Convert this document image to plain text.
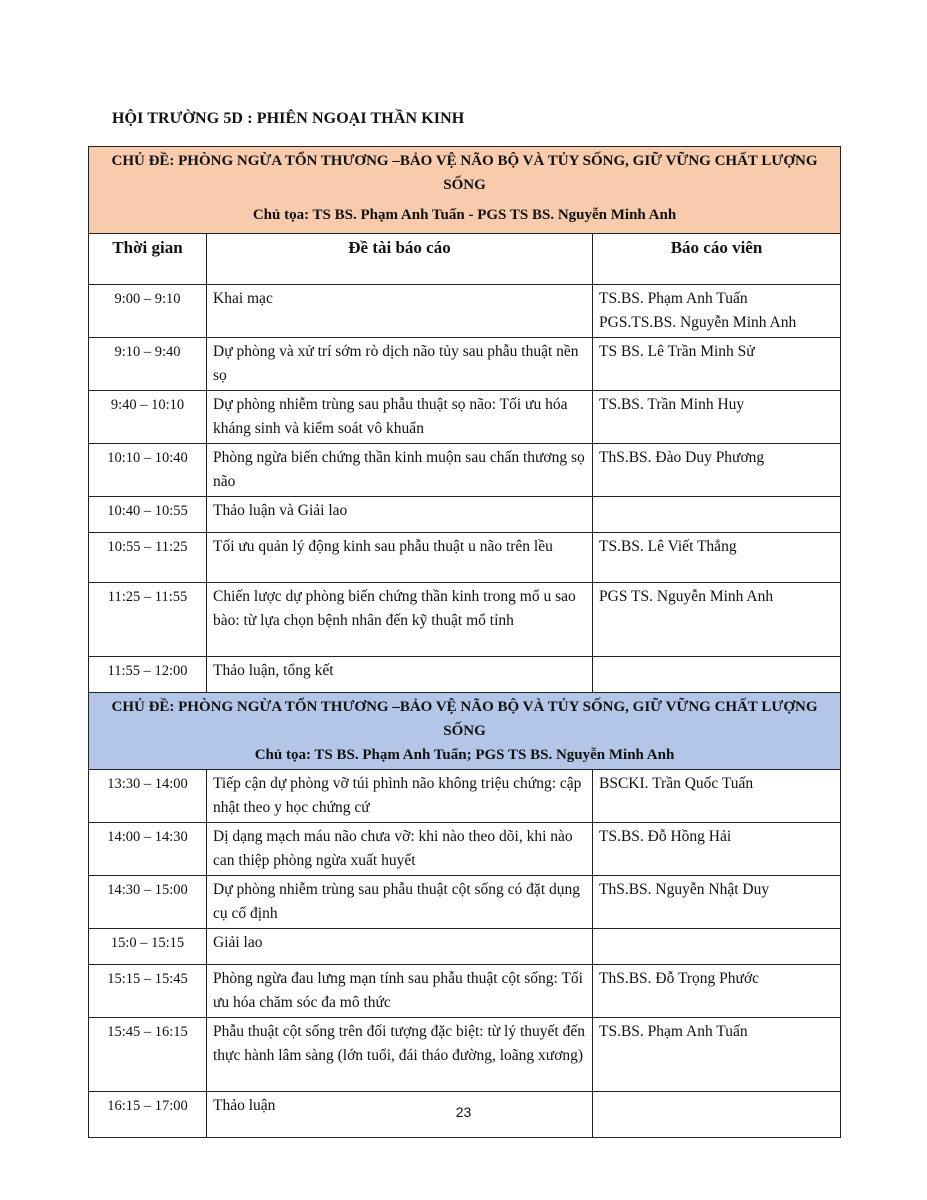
HỘI TRƯỜNG 5D : PHIÊN NGOẠI THẦN KINH
CHỦ ĐỀ: PHÒNG NGỪA TỔN THƯƠNG –BẢO VỆ NÃO BỘ VÀ TỦY SỐNG, GIỮ VỮNG CHẤT LƯỢNG SỐNG
Chủ tọa: TS BS. Phạm Anh Tuấn - PGS TS BS. Nguyễn Minh Anh		

Thời gian	Đề tài báo cáo	Báo cáo viên
9:00 – 9:10	Khai mạc	TS.BS. Phạm Anh Tuấn
PGS.TS.BS. Nguyễn Minh Anh
9:10 – 9:40	Dự phòng và xử trí sớm rò dịch não tủy sau phẫu thuật nền sọ	TS BS. Lê Trần Minh Sử
9:40 – 10:10	Dự phòng nhiễm trùng sau phẫu thuật sọ não: Tối ưu hóa kháng sinh và kiểm soát vô khuẩn	TS.BS. Trần Minh Huy
10:10 – 10:40	Phòng ngừa biến chứng thần kinh muộn sau chấn thương sọ não	ThS.BS. Đào Duy Phương
10:40 – 10:55	Thảo luận và Giải lao	
10:55 – 11:25	Tối ưu quản lý động kinh sau phẫu thuật u não trên lều	TS.BS. Lê Viết Thắng
11:25 – 11:55	Chiến lược dự phòng biến chứng thần kinh trong mổ u sao bào: từ lựa chọn bệnh nhân đến kỹ thuật mổ tỉnh	PGS TS. Nguyễn Minh Anh
11:55 – 12:00	Thảo luận, tổng kết	

CHỦ ĐỀ: PHÒNG NGỪA TỔN THƯƠNG –BẢO VỆ NÃO BỘ VÀ TỦY SỐNG, GIỮ VỮNG CHẤT LƯỢNG SỐNG
Chủ tọa: TS BS. Phạm Anh Tuấn; PGS TS BS. Nguyễn Minh Anh		

13:30 – 14:00	Tiếp cận dự phòng vỡ túi phình não không triệu chứng: cập nhật theo y học chứng cứ	BSCKI. Trần Quốc Tuấn
14:00 – 14:30	Dị dạng mạch máu não chưa vỡ: khi nào theo dõi, khi nào can thiệp phòng ngừa xuất huyết	TS.BS. Đỗ Hồng Hải
14:30 – 15:00	Dự phòng nhiễm trùng sau phẫu thuật cột sống có đặt dụng cụ cố định	ThS.BS. Nguyễn Nhật Duy
15:0 – 15:15	Giải lao	
15:15 – 15:45	Phòng ngừa đau lưng mạn tính sau phẫu thuật cột sống: Tối ưu hóa chăm sóc đa mô thức	ThS.BS. Đỗ Trọng Phước
15:45 – 16:15	Phẫu thuật cột sống trên đối tượng đặc biệt: từ lý thuyết đến thực hành lâm sàng (lớn tuổi, đái tháo đường, loãng xương)	TS.BS. Phạm Anh Tuấn
16:15 – 17:00	Thảo luận		23
